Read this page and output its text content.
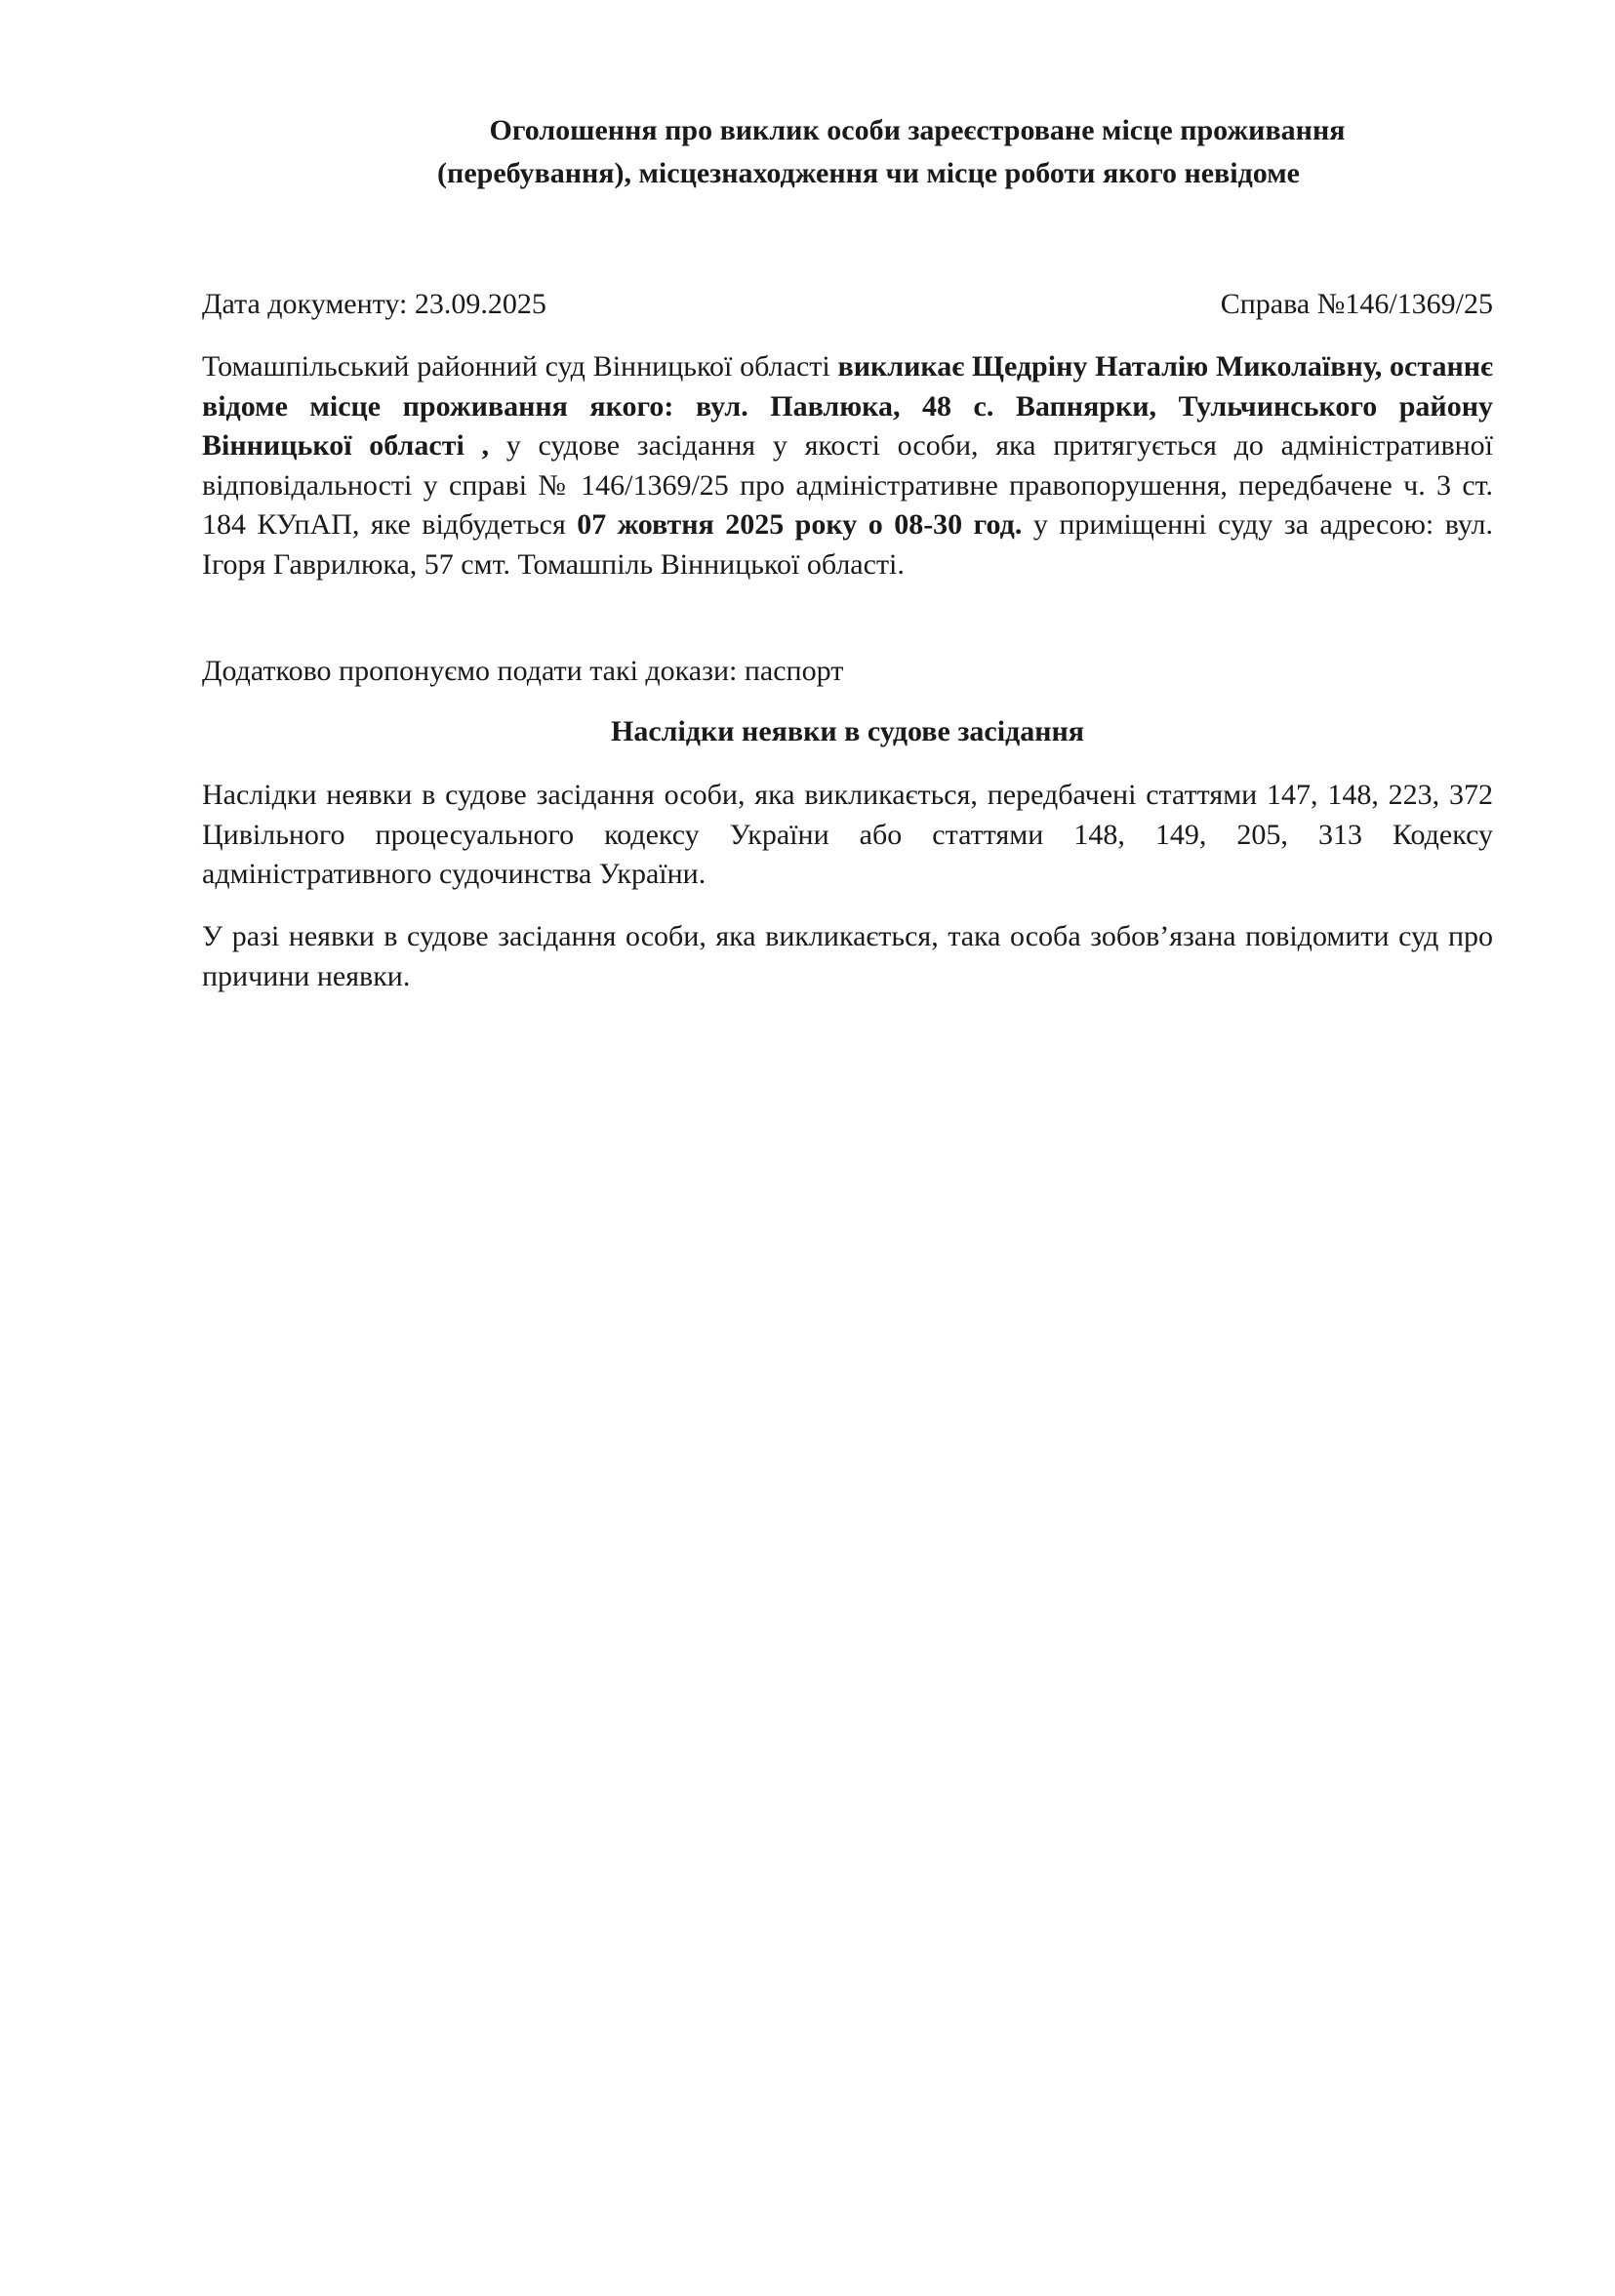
Оголошення про виклик особи зареєстроване місце проживання
(перебування), місцезнаходження чи місце роботи якого невідоме
Дата документу: 23.09.2025	Справа №146/1369/25

Томашпільський районний суд Вінницької області викликає Щедріну Наталію Миколаївну, останнє відоме місце проживання якого: вул. Павлюка, 48 с. Вапнярки, Тульчинського району Вінницької області , у судове засідання у якості особи, яка притягується до адміністративної відповідальності у справі № 146/1369/25 про адміністративне правопорушення, передбачене ч. 3 ст. 184 КУпАП, яке відбудеться 07 жовтня 2025 року о 08-30 год. у приміщенні суду за адресою: вул. Ігоря Гаврилюка, 57 смт. Томашпіль Вінницької області.

Додатково пропонуємо подати такі докази: паспорт

Наслідки неявки в судове засідання

Наслідки неявки в судове засідання особи, яка викликається, передбачені статтями 147, 148, 223, 372 Цивільного процесуального кодексу України або статтями 148, 149, 205, 313 Кодексу адміністративного судочинства України.

У разі неявки в судове засідання особи, яка викликається, така особа зобов’язана повідомити суд про причини неявки.
